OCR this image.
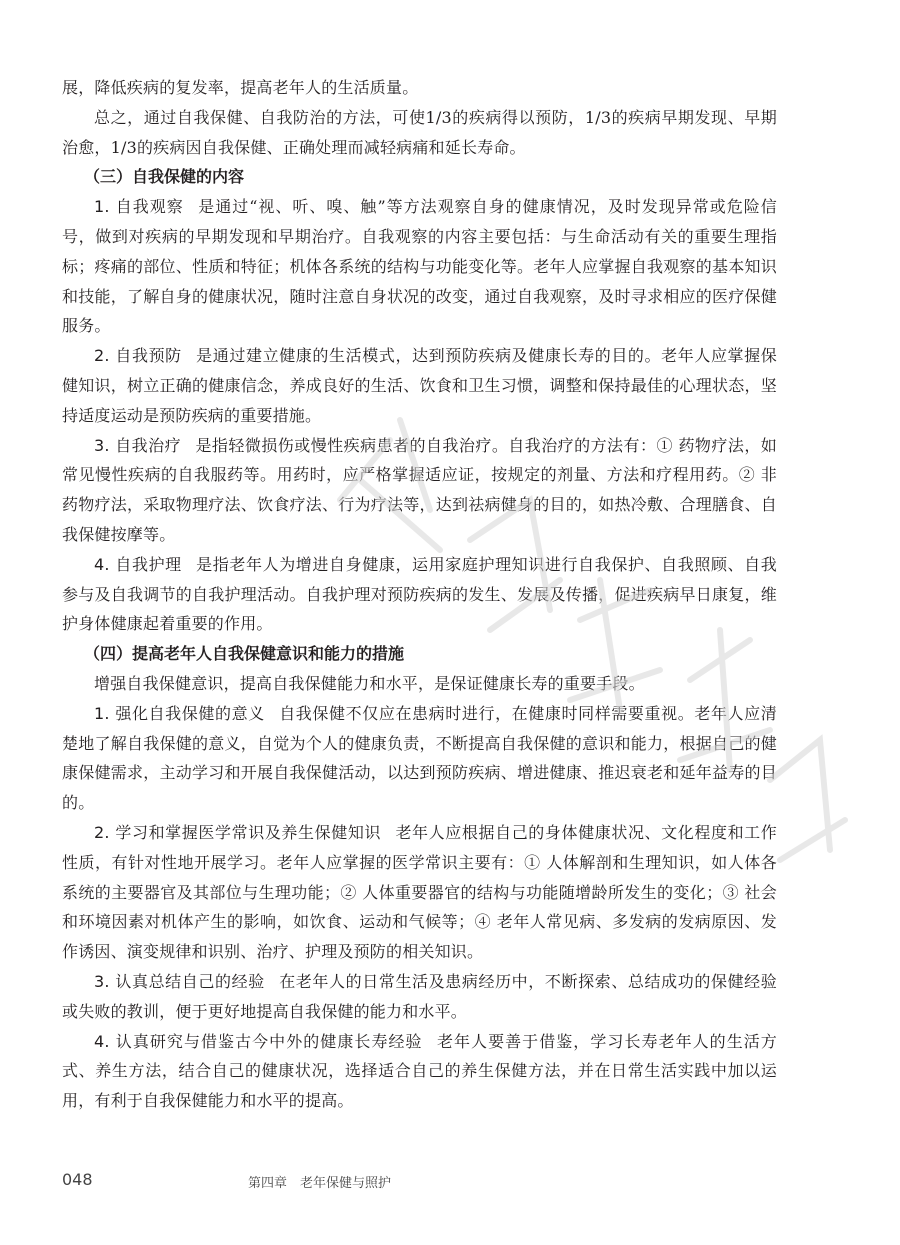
展，降低疾病的复发率，提高老年人的生活质量。

总之，通过自我保健、自我防治的方法，可使1/3的疾病得以预防，1/3的疾病早期发现、早期治愈，1/3的疾病因自我保健、正确处理而减轻病痛和延长寿命。

（三）自我保健的内容

1. 自我观察 是通过“视、听、嗅、触”等方法观察自身的健康情况，及时发现异常或危险信号，做到对疾病的早期发现和早期治疗。自我观察的内容主要包括：与生命活动有关的重要生理指标；疼痛的部位、性质和特征；机体各系统的结构与功能变化等。老年人应掌握自我观察的基本知识和技能，了解自身的健康状况，随时注意自身状况的改变，通过自我观察，及时寻求相应的医疗保健服务。

2. 自我预防 是通过建立健康的生活模式，达到预防疾病及健康长寿的目的。老年人应掌握保健知识，树立正确的健康信念，养成良好的生活、饮食和卫生习惯，调整和保持最佳的心理状态，坚持适度运动是预防疾病的重要措施。

3. 自我治疗 是指轻微损伤或慢性疾病患者的自我治疗。自我治疗的方法有：① 药物疗法，如常见慢性疾病的自我服药等。用药时，应严格掌握适应证，按规定的剂量、方法和疗程用药。② 非药物疗法，采取物理疗法、饮食疗法、行为疗法等，达到祛病健身的目的，如热冷敷、合理膳食、自我保健按摩等。

4. 自我护理 是指老年人为增进自身健康，运用家庭护理知识进行自我保护、自我照顾、自我参与及自我调节的自我护理活动。自我护理对预防疾病的发生、发展及传播，促进疾病早日康复，维护身体健康起着重要的作用。

（四）提高老年人自我保健意识和能力的措施

增强自我保健意识，提高自我保健能力和水平，是保证健康长寿的重要手段。

1. 强化自我保健的意义 自我保健不仅应在患病时进行，在健康时同样需要重视。老年人应清楚地了解自我保健的意义，自觉为个人的健康负责，不断提高自我保健的意识和能力，根据自己的健康保健需求，主动学习和开展自我保健活动，以达到预防疾病、增进健康、推迟衰老和延年益寿的目的。

2. 学习和掌握医学常识及养生保健知识 老年人应根据自己的身体健康状况、文化程度和工作性质，有针对性地开展学习。老年人应掌握的医学常识主要有：① 人体解剖和生理知识，如人体各系统的主要器官及其部位与生理功能；② 人体重要器官的结构与功能随增龄所发生的变化；③ 社会和环境因素对机体产生的影响，如饮食、运动和气候等；④ 老年人常见病、多发病的发病原因、发作诱因、演变规律和识别、治疗、护理及预防的相关知识。

3. 认真总结自己的经验 在老年人的日常生活及患病经历中，不断探索、总结成功的保健经验或失败的教训，便于更好地提高自我保健的能力和水平。

4. 认真研究与借鉴古今中外的健康长寿经验 老年人要善于借鉴，学习长寿老年人的生活方式、养生方法，结合自己的健康状况，选择适合自己的养生保健方法，并在日常生活实践中加以运用，有利于自我保健能力和水平的提高。

048	第四章　老年保健与照护
